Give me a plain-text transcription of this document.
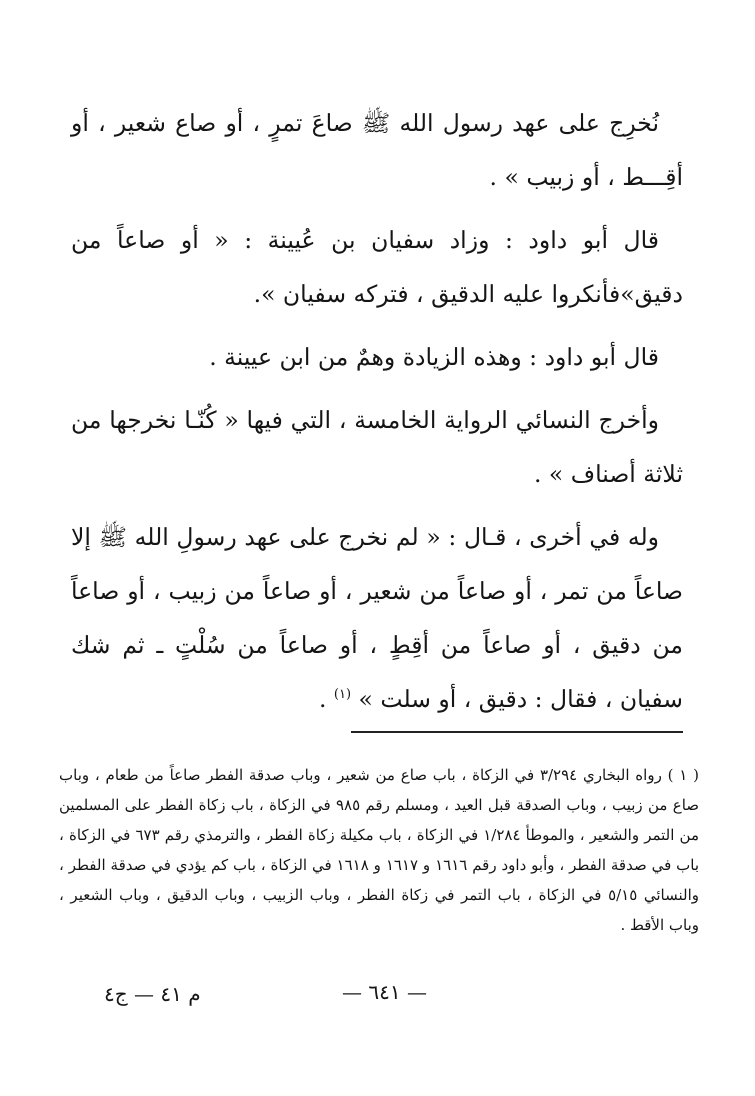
نُخرِج على عهد رسول الله ﷺ صاعَ تمرٍ ، أو صاع شعير ، أو أقِـــط ، أو زبيب » .

قال أبو داود : وزاد سفيان بن عُيينة : « أو صاعاً من دقيق»فأنكروا عليه الدقيق ، فتركه سفيان ».

قال أبو داود : وهذه الزيادة وهمٌ من ابن عيينة .

وأخرج النسائي الرواية الخامسة ، التي فيها « كُنّـا نخرجها من ثلاثة أصناف » .

وله في أخرى ، قـال : « لم نخرج على عهد رسولِ الله ﷺ إلا صاعاً من تمر ، أو صاعاً من شعير ، أو صاعاً من زبيب ، أو صاعاً من دقيق ، أو صاعاً من أقِطٍ ، أو صاعاً من سُلْتٍ ـ ثم شك سفيان ، فقال : دقيق ، أو سلت » $^{(١)}$ .

( ١ ) رواه البخاري ٣/٢٩٤ في الزكاة ، باب صاع من شعير ، وباب صدقة الفطر صاعاً من طعام ، وباب صاع من زبيب ، وباب الصدقة قبل العيد ، ومسلم رقم ٩٨٥ في الزكاة ، باب زكاة الفطر على المسلمين من التمر والشعير ، والموطأ ١/٢٨٤ في الزكاة ، باب مكيلة زكاة الفطر ، والترمذي رقم ٦٧٣ في الزكاة ، باب في صدقة الفطر ، وأبو داود رقم ١٦١٦ و ١٦١٧ و ١٦١٨ في الزكاة ، باب كم يؤدي في صدقة الفطر ، والنسائي ٥/١٥ في الزكاة ، باب التمر في زكاة الفطر ، وباب الزبيب ، وباب الدقيق ، وباب الشعير ، وباب الأقط .

— ٦٤١ —
م ٤١ — ج٤
